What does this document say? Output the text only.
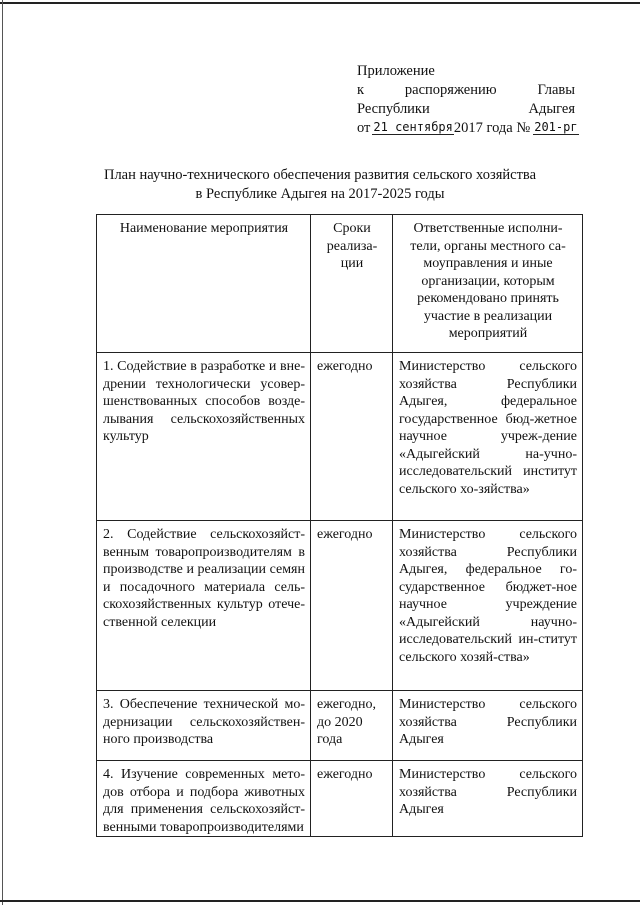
Приложение
к	распоряжению	Главы
Республики	Адыгея
от 21 сентября 2017 года № 201-рг
План научно-технического обеспечения развития сельского хозяйства
в Республике Адыгея на 2017-2025 годы
Наименование мероприятия	Сроки реализа-ции	Ответственные исполни-тели, органы местного са-моуправления и иные организации, которым рекомендовано принять участие в реализации мероприятий
1. Содействие в разработке и вне-дрении технологически усовер-шенствованных способов возде-лывания сельскохозяйственных культур	ежегодно	Министерство сельского хозяйства Республики Адыгея, федеральное государственное бюд-жетное научное учреж-дение «Адыгейский на-учно-исследовательский институт сельского хо-зяйства»
2. Содействие сельскохозяйст-венным товаропроизводителям в производстве и реализации семян и посадочного материала сель-скохозяйственных культур отече-ственной селекции	ежегодно	Министерство сельского хозяйства Республики Адыгея, федеральное го-сударственное бюджет-ное научное учреждение «Адыгейский научно-исследовательский ин-ститут сельского хозяй-ства»
3. Обеспечение технической мо-дернизации сельскохозяйствен-ного производства	ежегодно, до 2020 года	Министерство сельского хозяйства Республики Адыгея
4. Изучение современных мето-дов отбора и подбора животных для применения сельскохозяйст-венными товаропроизводителями	ежегодно	Министерство сельского хозяйства Республики Адыгея
